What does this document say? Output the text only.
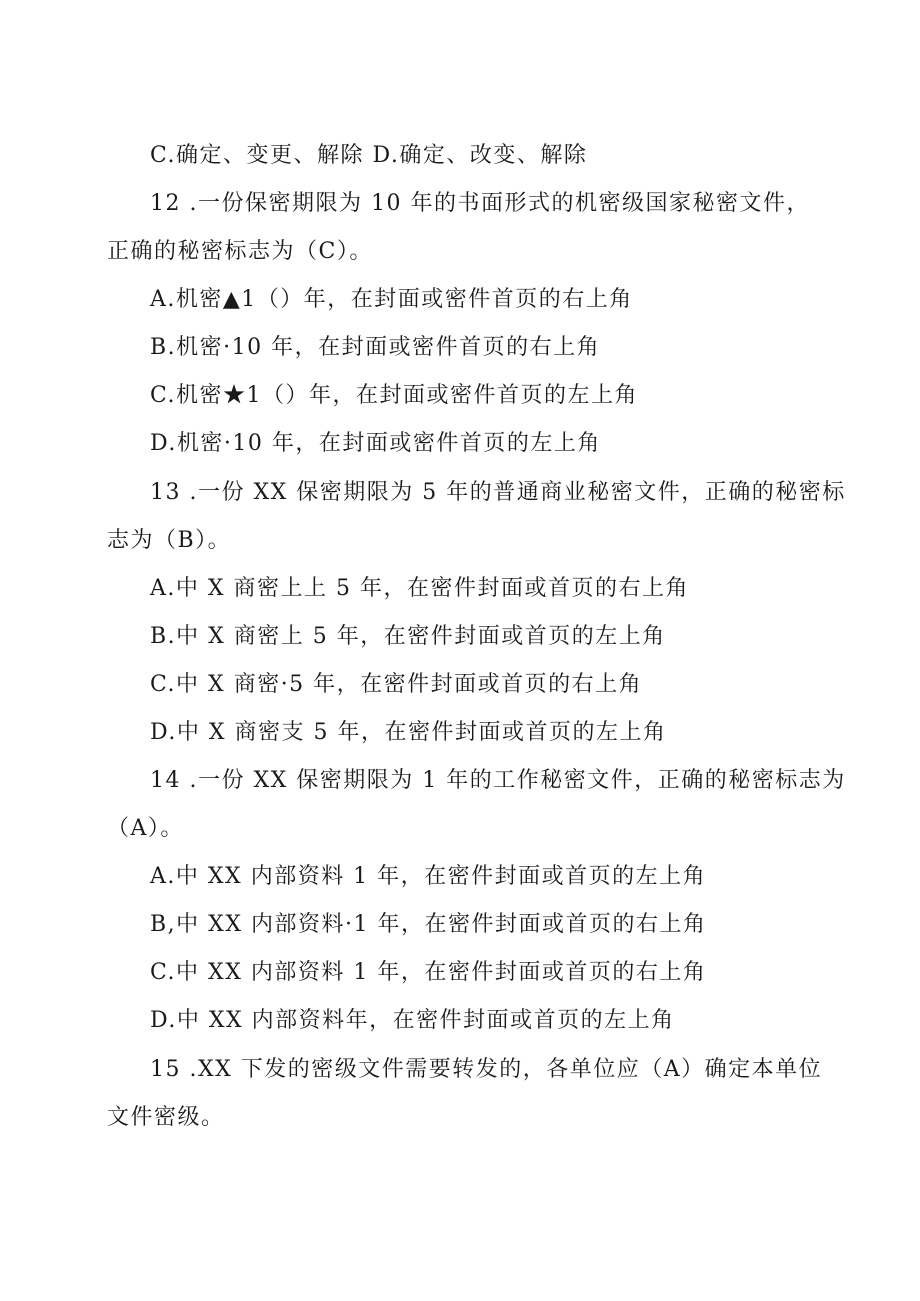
C.确定、变更、解除 D.确定、改变、解除
12 .一份保密期限为 10 年的书面形式的机密级国家秘密文件，
正确的秘密标志为（C）。
A.机密▲1（）年，在封面或密件首页的右上角
B.机密·10 年，在封面或密件首页的右上角
C.机密★1（）年，在封面或密件首页的左上角
D.机密·10 年，在封面或密件首页的左上角
13 .一份 XX 保密期限为 5 年的普通商业秘密文件，正确的秘密标
志为（B）。
A.中 X 商密上上 5 年，在密件封面或首页的右上角
B.中 X 商密上 5 年，在密件封面或首页的左上角
C.中 X 商密·5 年，在密件封面或首页的右上角
D.中 X 商密支 5 年，在密件封面或首页的左上角
14 .一份 XX 保密期限为 1 年的工作秘密文件，正确的秘密标志为
（A）。
A.中 XX 内部资料 1 年，在密件封面或首页的左上角
B,中 XX 内部资料·1 年，在密件封面或首页的右上角
C.中 XX 内部资料 1 年，在密件封面或首页的右上角
D.中 XX 内部资料年，在密件封面或首页的左上角
15 .XX 下发的密级文件需要转发的，各单位应（A）确定本单位
文件密级。
